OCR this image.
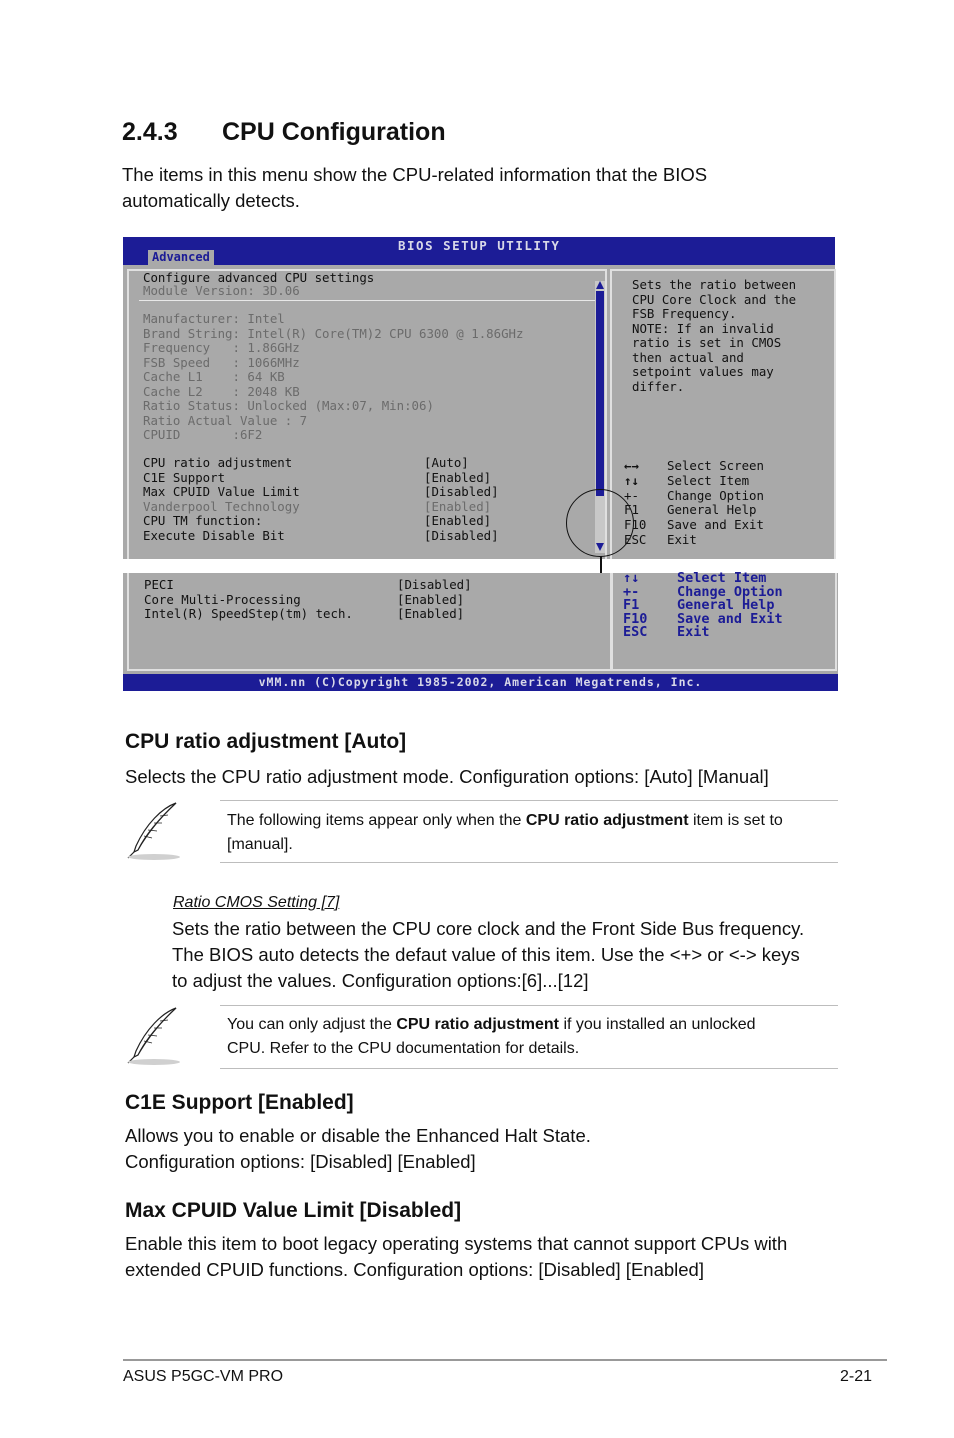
2.4.3 CPU Configuration
The items in this menu show the CPU-related information that the BIOS
automatically detects.
BIOS SETUP UTILITY
Advanced
Configure advanced CPU settings
Module Version: 3D.06
Manufacturer: Intel
Brand String: Intel(R) Core(TM)2 CPU 6300 @ 1.86GHz
Frequency   : 1.86GHz
FSB Speed   : 1066MHz
Cache L1    : 64 KB
Cache L2    : 2048 KB
Ratio Status: Unlocked (Max:07, Min:06)
Ratio Actual Value : 7
CPUID       :6F2
CPU ratio adjustment	[Auto]
C1E Support	[Enabled]
Max CPUID Value Limit	[Disabled]
Vanderpool Technology	[Enabled]
CPU TM function:	[Enabled]
Execute Disable Bit	[Disabled]
Sets the ratio between
CPU Core Clock and the
FSB Frequency.
NOTE: If an invalid
ratio is set in CMOS
then actual and
setpoint values may
differ.
←→ Select Screen
↑↓ Select Item
+- Change Option
F1 General Help
F10 Save and Exit
ESC Exit
PECI	[Disabled]
Core Multi-Processing	[Enabled]
Intel(R) SpeedStep(tm) tech.	[Enabled]
↑↓	Select Item
+-	Change Option
F1	General Help
F10 Save and Exit
ESC Exit
vMM.nn (C)Copyright 1985-2002, American Megatrends, Inc.
CPU ratio adjustment [Auto]
Selects the CPU ratio adjustment mode. Configuration options: [Auto] [Manual]
The following items appear only when the CPU ratio adjustment item is set to
[manual].
Ratio CMOS Setting [7]
Sets the ratio between the CPU core clock and the Front Side Bus frequency.
The BIOS auto detects the defaut value of this item. Use the <+> or <-> keys
to adjust the values. Configuration options:[6]...[12]
You can only adjust the CPU ratio adjustment if you installed an unlocked
CPU. Refer to the CPU documentation for details.
C1E Support [Enabled]
Allows you to enable or disable the Enhanced Halt State.
Configuration options: [Disabled] [Enabled]
Max CPUID Value Limit [Disabled]
Enable this item to boot legacy operating systems that cannot support CPUs with
extended CPUID functions. Configuration options: [Disabled] [Enabled]
ASUS P5GC-VM PRO	2-21
